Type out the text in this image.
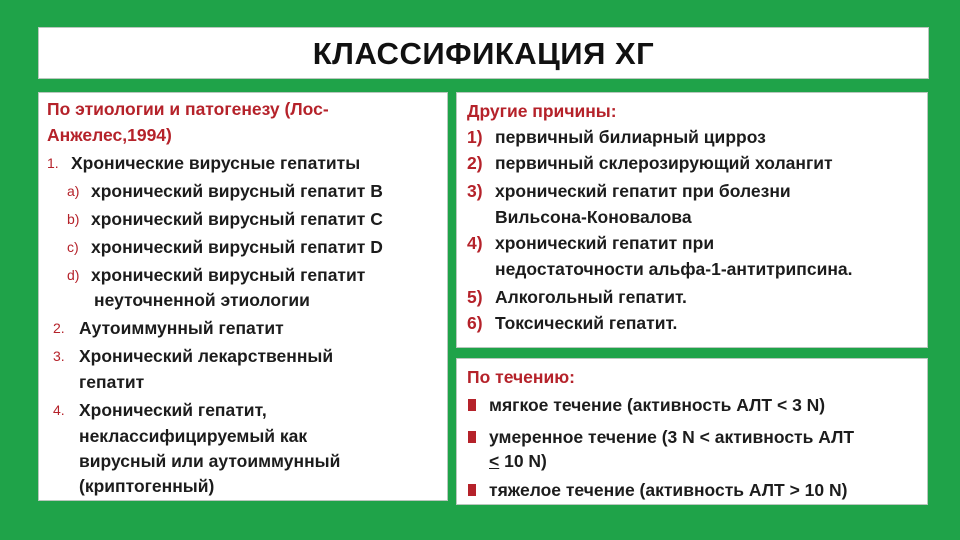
КЛАССИФИКАЦИЯ ХГ
По этиологии и патогенезу (Лос-
Анжелес,1994)
1. Хронические вирусные гепатиты
a) хронический вирусный гепатит В
b) хронический вирусный гепатит С
c) хронический вирусный гепатит D
d) хронический вирусный гепатит
неуточненной этиологии
2. Аутоиммунный гепатит
3. Хронический лекарственный
гепатит
4. Хронический гепатит,
неклассифицируемый как
вирусный или аутоиммунный
(криптогенный)
Другие причины:
1) первичный билиарный цирроз
2) первичный склерозирующий холангит
3) хронический гепатит при болезни
Вильсона-Коновалова
4) хронический гепатит при
недостаточности альфа-1-антитрипсина.
5) Алкогольный гепатит.
6) Токсический гепатит.
По течению:
мягкое течение (активность АЛТ < 3 N)
умеренное течение (3 N < активность АЛТ
≤ 10 N)
тяжелое течение (активность АЛТ > 10 N)
